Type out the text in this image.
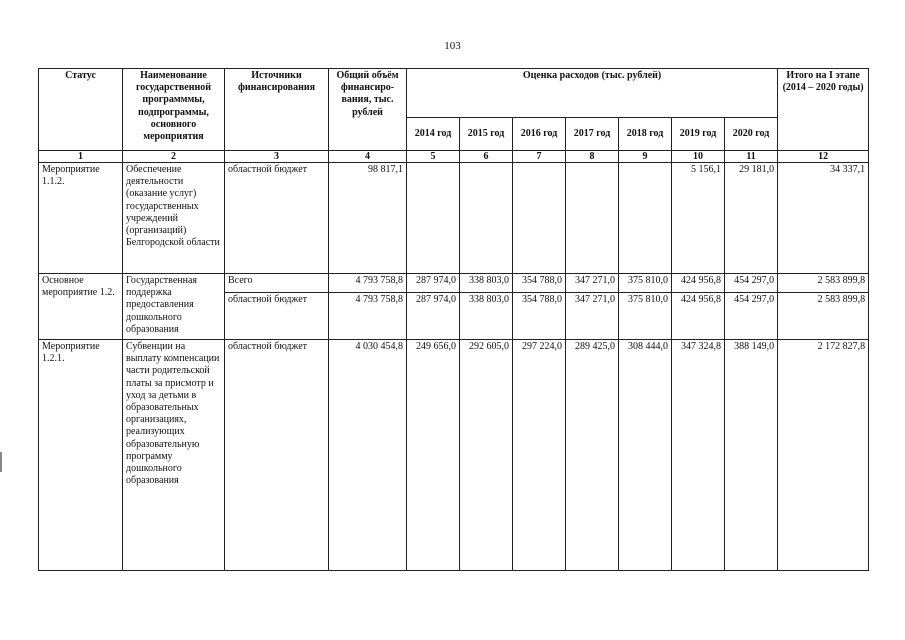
103
Статус	Наименование государственной программмы, подпрограммы, основного мероприятия	Источники финансирования	Общий объём финансиро-вания, тыс. рублей	Оценка расходов (тыс. рублей)							Итого на I этапе (2014 – 2020 годы)
				2014 год	2015 год	2016 год	2017 год	2018 год	2019 год	2020 год	
1	2	3	4	5	6	7	8	9	10	11	12
Мероприятие 1.1.2.	Обеспечение деятельности (оказание услуг) государственных учреждений (организаций) Белгородской области	областной бюджет	98 817,1						5 156,1	29 181,0	34 337,1
Основное мероприятие 1.2.	Государственная поддержка предоставления дошкольного образования	Всего	4 793 758,8	287 974,0	338 803,0	354 788,0	347 271,0	375 810,0	424 956,8	454 297,0	2 583 899,8
		областной бюджет	4 793 758,8	287 974,0	338 803,0	354 788,0	347 271,0	375 810,0	424 956,8	454 297,0	2 583 899,8
Мероприятие 1.2.1.	Субвенции на выплату компенсации части родительской платы за присмотр и уход за детьми в образовательных организациях, реализующих образовательную программу дошкольного образования	областной бюджет	4 030 454,8	249 656,0	292 605,0	297 224,0	289 425,0	308 444,0	347 324,8	388 149,0	2 172 827,8
